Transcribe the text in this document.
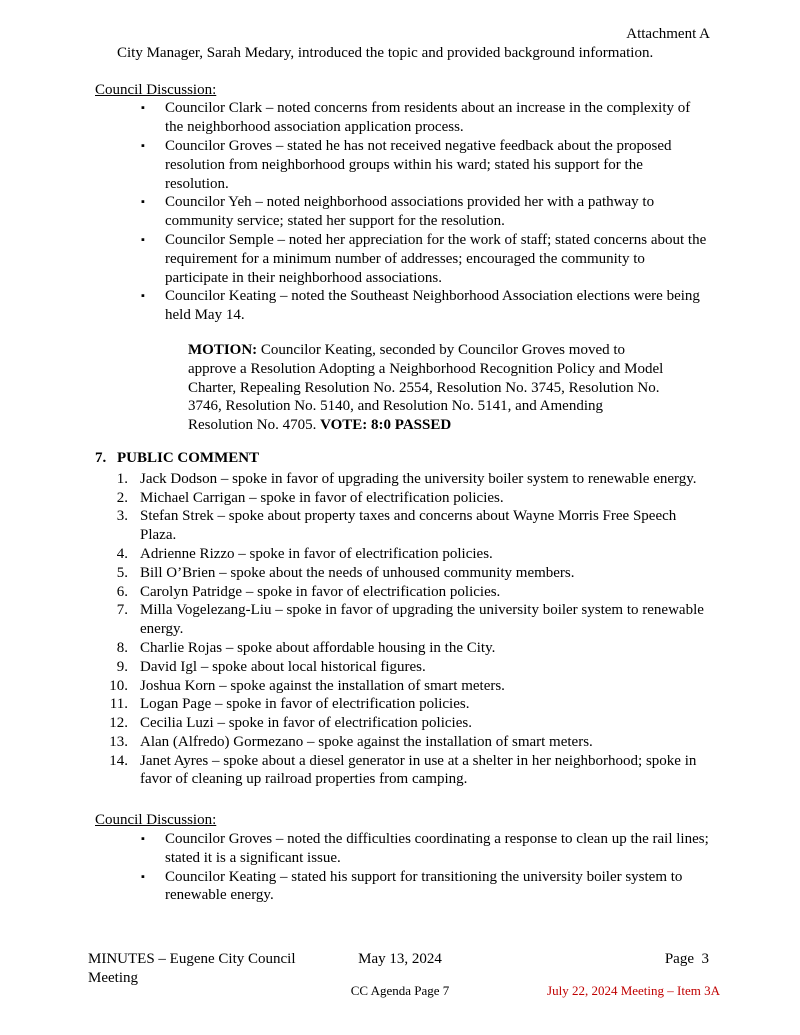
Attachment A

City Manager, Sarah Medary, introduced the topic and provided background information.

Council Discussion:
▪ Councilor Clark – noted concerns from residents about an increase in the complexity of the neighborhood association application process.
▪ Councilor Groves – stated he has not received negative feedback about the proposed resolution from neighborhood groups within his ward; stated his support for the resolution.
▪ Councilor Yeh – noted neighborhood associations provided her with a pathway to community service; stated her support for the resolution.
▪ Councilor Semple – noted her appreciation for the work of staff; stated concerns about the requirement for a minimum number of addresses; encouraged the community to participate in their neighborhood associations.
▪ Councilor Keating – noted the Southeast Neighborhood Association elections were being held May 14.

MOTION: Councilor Keating, seconded by Councilor Groves moved to approve a Resolution Adopting a Neighborhood Recognition Policy and Model Charter, Repealing Resolution No. 2554, Resolution No. 3745, Resolution No. 3746, Resolution No. 5140, and Resolution No. 5141, and Amending Resolution No. 4705. VOTE: 8:0 PASSED

7. PUBLIC COMMENT
1. Jack Dodson – spoke in favor of upgrading the university boiler system to renewable energy.
2. Michael Carrigan – spoke in favor of electrification policies.
3. Stefan Strek – spoke about property taxes and concerns about Wayne Morris Free Speech Plaza.
4. Adrienne Rizzo – spoke in favor of electrification policies.
5. Bill O’Brien – spoke about the needs of unhoused community members.
6. Carolyn Patridge – spoke in favor of electrification policies.
7. Milla Vogelezang-Liu – spoke in favor of upgrading the university boiler system to renewable energy.
8. Charlie Rojas – spoke about affordable housing in the City.
9. David Igl – spoke about local historical figures.
10. Joshua Korn – spoke against the installation of smart meters.
11. Logan Page – spoke in favor of electrification policies.
12. Cecilia Luzi – spoke in favor of electrification policies.
13. Alan (Alfredo) Gormezano – spoke against the installation of smart meters.
14. Janet Ayres – spoke about a diesel generator in use at a shelter in her neighborhood; spoke in favor of cleaning up railroad properties from camping.
Council Discussion:
▪ Councilor Groves – noted the difficulties coordinating a response to clean up the rail lines; stated it is a significant issue.
▪ Councilor Keating – stated his support for transitioning the university boiler system to renewable energy.
MINUTES – Eugene City Council
Meeting
May 13, 2024	Page  3
CC Agenda Page 7	July 22, 2024 Meeting – Item 3A
